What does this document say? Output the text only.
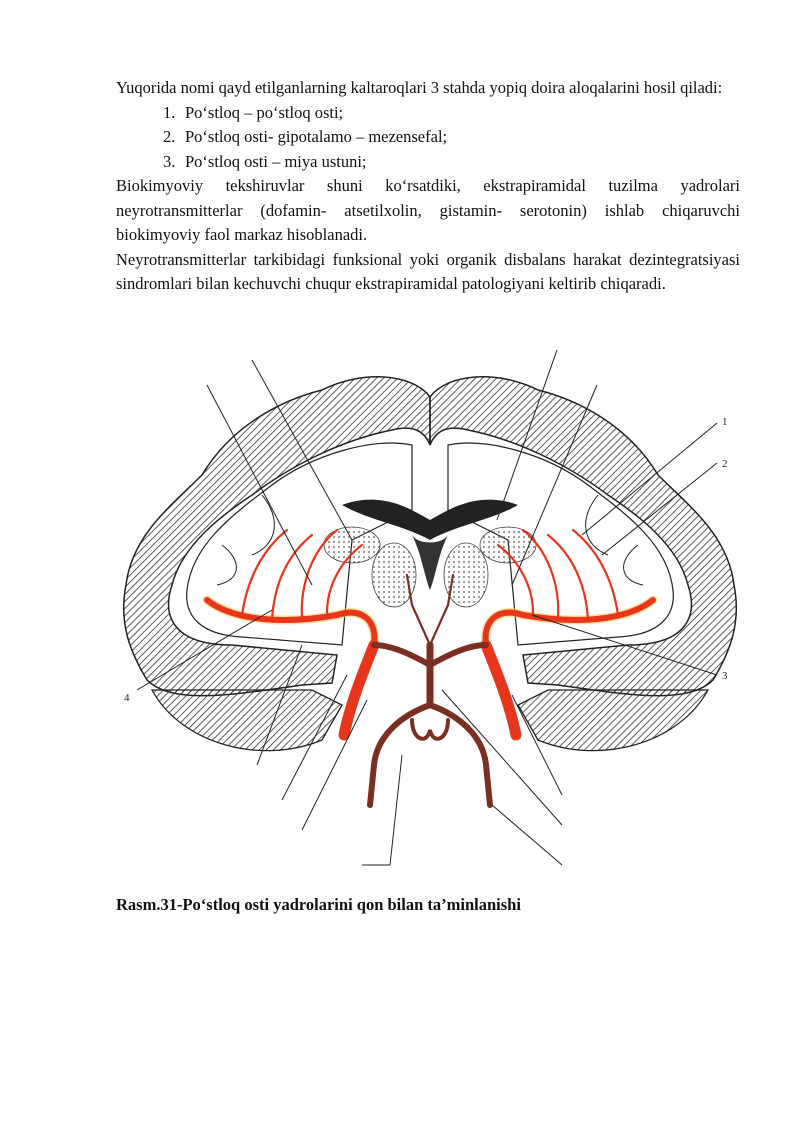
Yuqorida nomi qayd etilganlarning kaltaroqlari 3 stahda yopiq doira aloqalarini hosil qiladi:

1. Po‘stloq – po‘stloq osti;
2. Po‘stloq osti- gipotalamo – mezensefal;
3. Po‘stloq osti – miya ustuni;

Biokimyoviy tekshiruvlar shuni ko‘rsatdiki, ekstrapiramidal tuzilma yadrolari neyrotransmitterlar (dofamin- atsetilxolin, gistamin- serotonin) ishlab chiqaruvchi biokimyoviy faol markaz hisoblanadi.

Neyrotransmitterlar tarkibidagi funksional yoki organik disbalans harakat dezintegratsiyasi sindromlari bilan kechuvchi chuqur ekstrapiramidal patologiyani keltirib chiqaradi.

1
2
3
4
Rasm.31-Po‘stloq osti yadrolarini qon bilan ta’minlanishi
